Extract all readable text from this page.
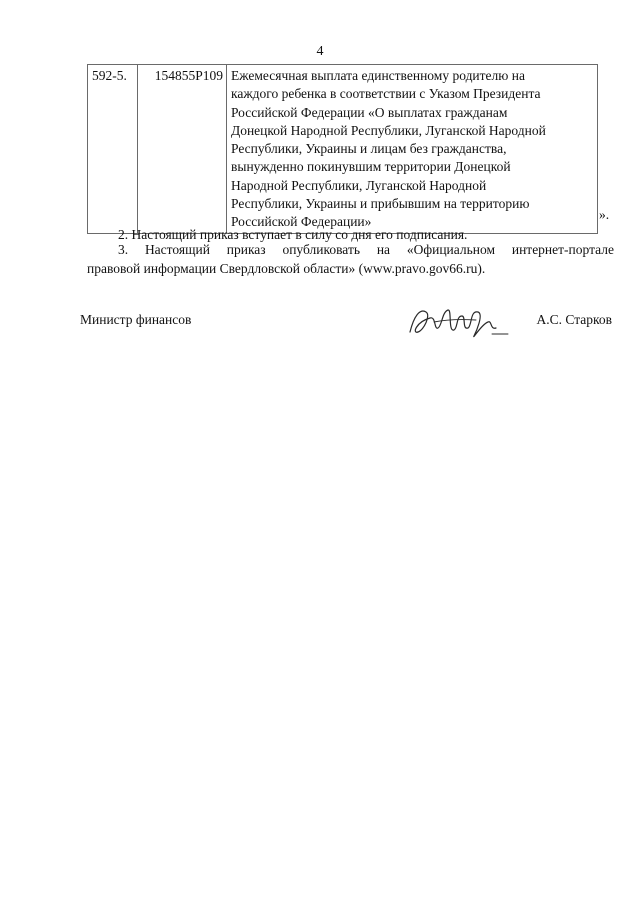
4
592-5.	154855Р109	Ежемесячная выплата единственному родителю на
каждого ребенка в соответствии с Указом Президента
Российской Федерации «О выплатах гражданам
Донецкой Народной Республики, Луганской Народной
Республики, Украины и лицам без гражданства,
вынужденно покинувшим территории Донецкой
Народной Республики, Луганской Народной
Республики, Украины и прибывшим на территорию
Российской Федерации»	».
2. Настоящий приказ вступает в силу со дня его подписания.
3. Настоящий приказ опубликовать на «Официальном интернет-портале
правовой информации Свердловской области» (www.pravo.gov66.ru).
Министр финансов	А.С. Старков
